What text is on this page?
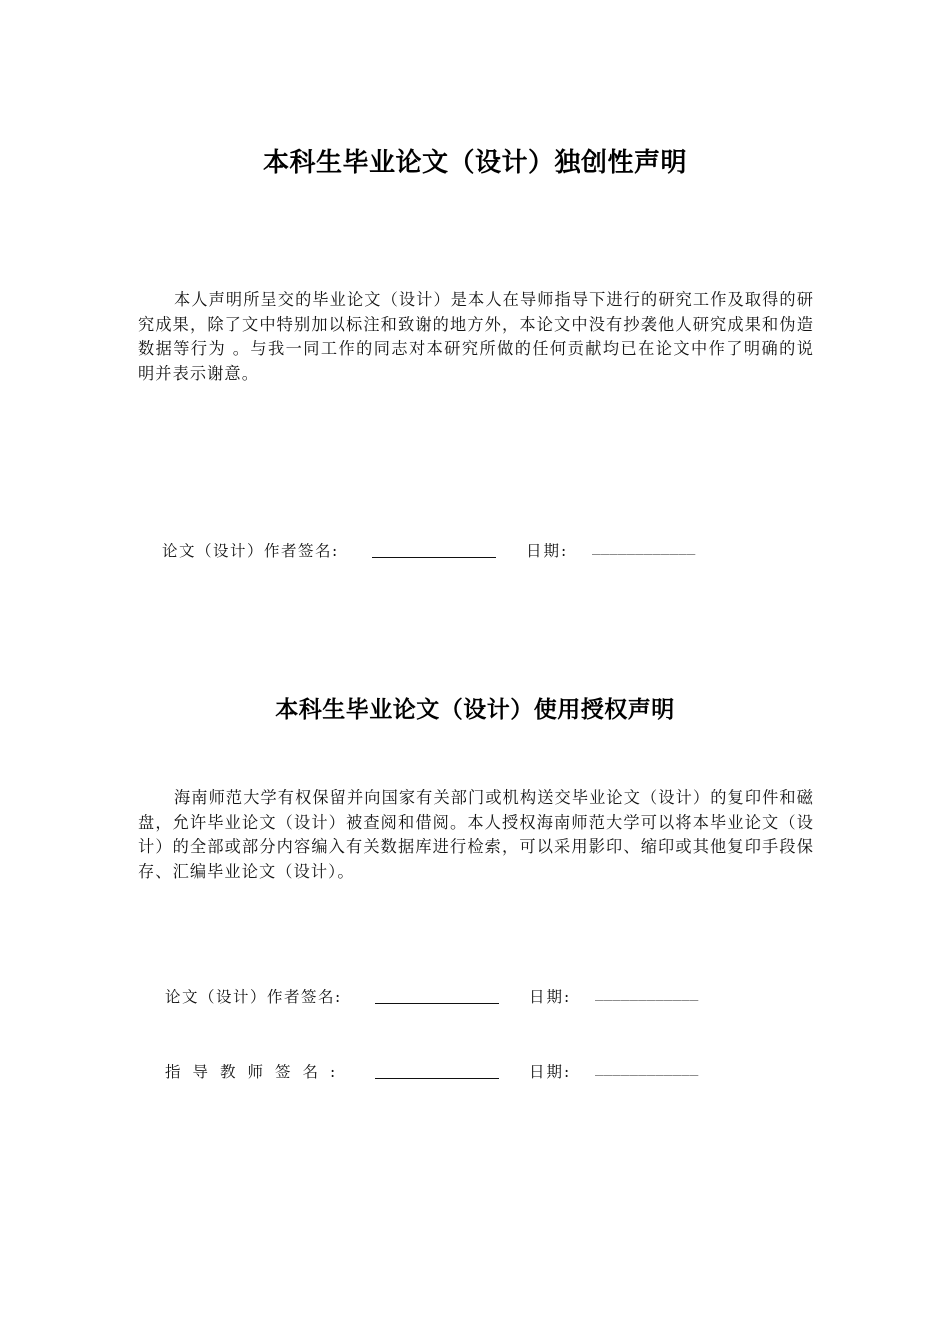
本科生毕业论文（设计）独创性声明

本人声明所呈交的毕业论文（设计）是本人在导师指导下进行的研究工作及取得的研究成果，除了文中特别加以标注和致谢的地方外，本论文中没有抄袭他人研究成果和伪造数据等行为 。与我一同工作的同志对本研究所做的任何贡献均已在论文中作了明确的说明并表示谢意。

论文（设计）作者签名:	日期: ____________
本科生毕业论文（设计）使用授权声明

海南师范大学有权保留并向国家有关部门或机构送交毕业论文（设计）的复印件和磁盘，允许毕业论文（设计）被查阅和借阅。本人授权海南师范大学可以将本毕业论文（设计）的全部或部分内容编入有关数据库进行检索，可以采用影印、缩印或其他复印手段保存、汇编毕业论文（设计）。

论文（设计）作者签名:	日期: ____________
指导教师签名:	日期: ____________
